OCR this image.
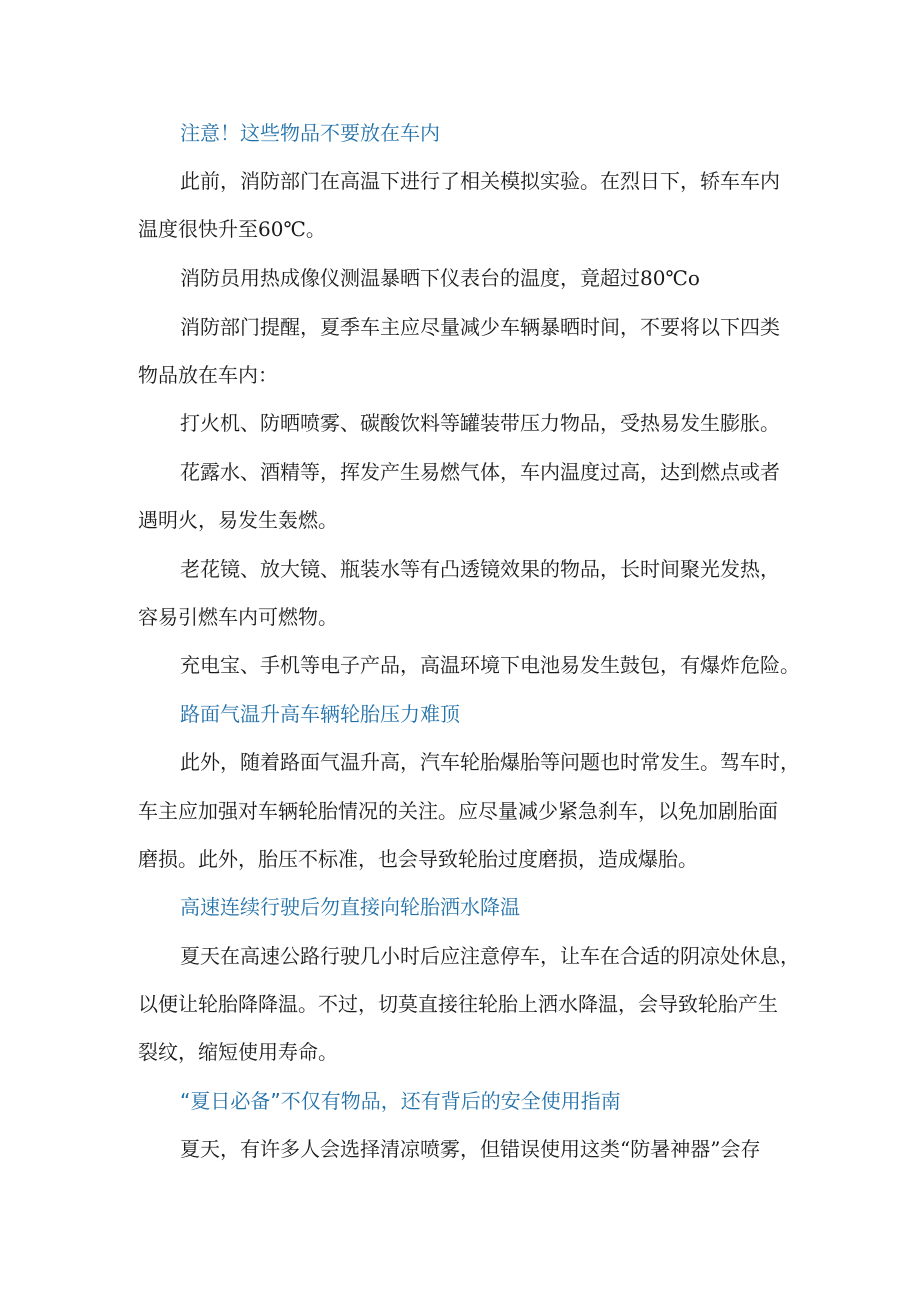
注意！这些物品不要放在车内
此前，消防部门在高温下进行了相关模拟实验。在烈日下，轿车车内
温度很快升至60℃。
消防员用热成像仪测温暴晒下仪表台的温度，竟超过80℃o
消防部门提醒，夏季车主应尽量减少车辆暴晒时间，不要将以下四类
物品放在车内：
打火机、防晒喷雾、碳酸饮料等罐装带压力物品，受热易发生膨胀。
花露水、酒精等，挥发产生易燃气体，车内温度过高，达到燃点或者
遇明火，易发生轰燃。
老花镜、放大镜、瓶装水等有凸透镜效果的物品，长时间聚光发热，
容易引燃车内可燃物。
充电宝、手机等电子产品，高温环境下电池易发生鼓包，有爆炸危险。
路面气温升高车辆轮胎压力难顶
此外，随着路面气温升高，汽车轮胎爆胎等问题也时常发生。驾车时，
车主应加强对车辆轮胎情况的关注。应尽量减少紧急刹车，以免加剧胎面
磨损。此外，胎压不标准，也会导致轮胎过度磨损，造成爆胎。
高速连续行驶后勿直接向轮胎洒水降温
夏天在高速公路行驶几小时后应注意停车，让车在合适的阴凉处休息，
以便让轮胎降降温。不过，切莫直接往轮胎上洒水降温，会导致轮胎产生
裂纹，缩短使用寿命。
“夏日必备”不仅有物品，还有背后的安全使用指南
夏天，有许多人会选择清凉喷雾，但错误使用这类“防暑神器”会存
